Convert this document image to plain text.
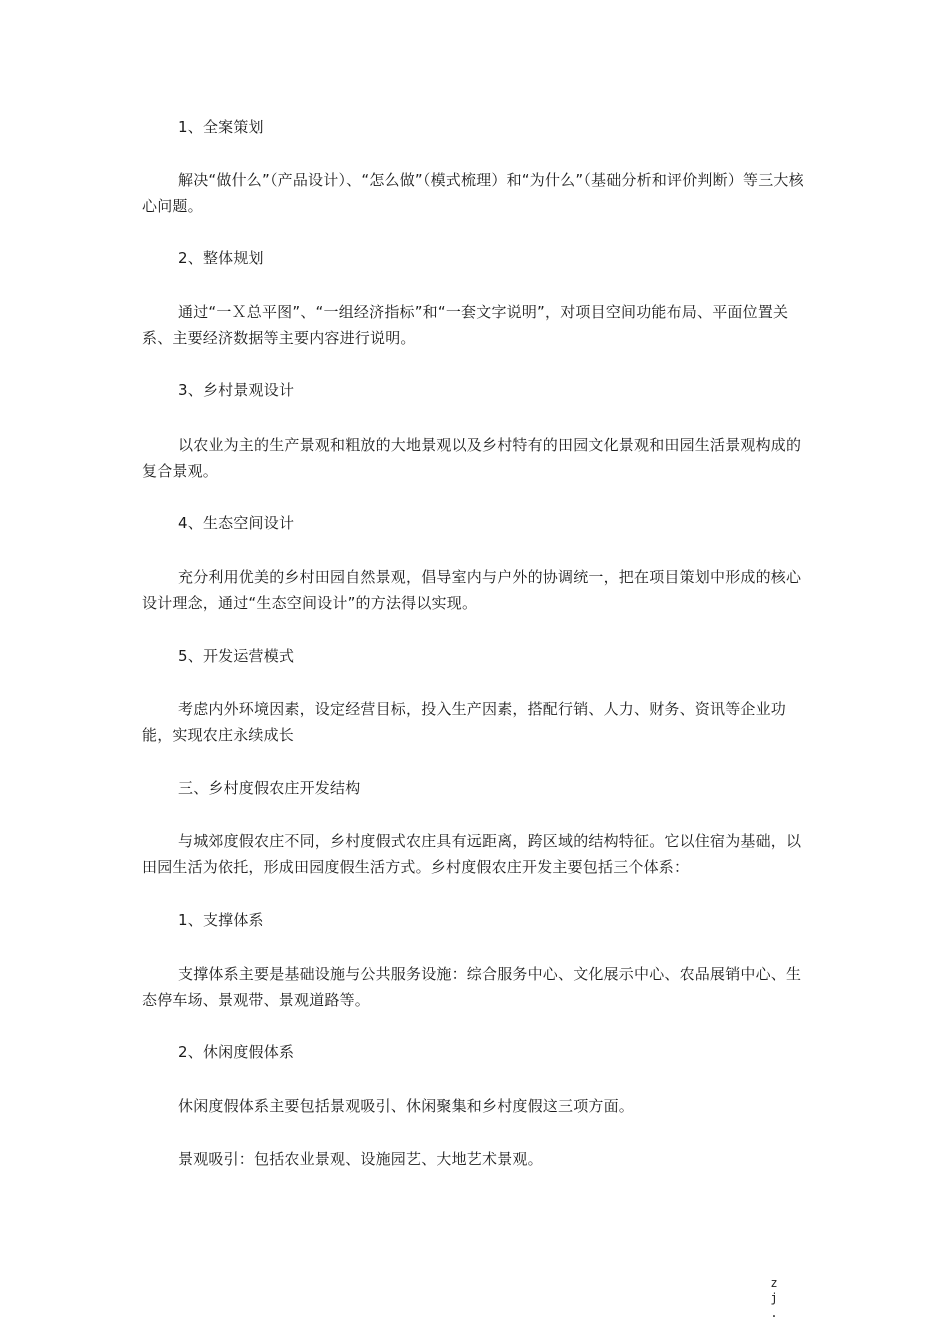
1、全案策划

解决“做什么”（产品设计）、“怎么做”（模式梳理）和“为什么”（基础分析和评价判断）等三大核心问题。

2、整体规划

通过“一Ｘ总平图”、“一组经济指标”和“一套文字说明”，对项目空间功能布局、平面位置关系、主要经济数据等主要内容进行说明。

3、乡村景观设计

以农业为主的生产景观和粗放的大地景观以及乡村特有的田园文化景观和田园生活景观构成的复合景观。

4、生态空间设计

充分利用优美的乡村田园自然景观，倡导室内与户外的协调统一，把在项目策划中形成的核心设计理念，通过“生态空间设计”的方法得以实现。

5、开发运营模式

考虑内外环境因素，设定经营目标，投入生产因素，搭配行销、人力、财务、资讯等企业功能，实现农庄永续成长

三、乡村度假农庄开发结构

与城郊度假农庄不同，乡村度假式农庄具有远距离，跨区域的结构特征。它以住宿为基础，以田园生活为依托，形成田园度假生活方式。乡村度假农庄开发主要包括三个体系：

1、支撑体系

支撑体系主要是基础设施与公共服务设施：综合服务中心、文化展示中心、农品展销中心、生态停车场、景观带、景观道路等。

2、休闲度假体系

休闲度假体系主要包括景观吸引、休闲聚集和乡村度假这三项方面。

景观吸引：包括农业景观、设施园艺、大地艺术景观。

z
j
.
